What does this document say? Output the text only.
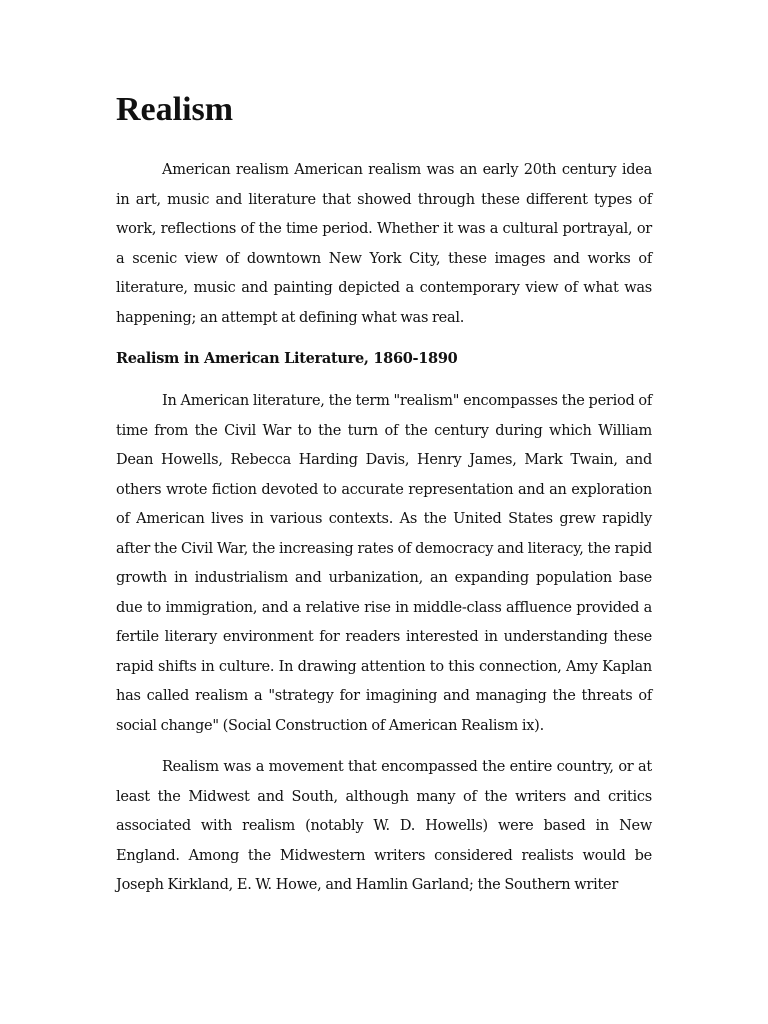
Realism

American realism American realism was an early 20th century idea in art, music and literature that showed through these different types of work, reflections of the time period. Whether it was a cultural portrayal, or a scenic view of downtown New York City, these images and works of literature, music and painting depicted a contemporary view of what was happening; an attempt at defining what was real.

Realism in American Literature, 1860-1890

In American literature, the term "realism" encompasses the period of time from the Civil War to the turn of the century during which William Dean Howells, Rebecca Harding Davis, Henry James, Mark Twain, and others wrote fiction devoted to accurate representation and an exploration of American lives in various contexts. As the United States grew rapidly after the Civil War, the increasing rates of democracy and literacy, the rapid growth in industrialism and urbanization, an expanding population base due to immigration, and a relative rise in middle-class affluence provided a fertile literary environment for readers interested in understanding these rapid shifts in culture. In drawing attention to this connection, Amy Kaplan has called realism a "strategy for imagining and managing the threats of social change" (Social Construction of American Realism ix).

Realism was a movement that encompassed the entire country, or at least the Midwest and South, although many of the writers and critics associated with realism (notably W. D. Howells) were based in New England. Among the Midwestern writers considered realists would be Joseph Kirkland, E. W. Howe, and Hamlin Garland; the Southern writer
